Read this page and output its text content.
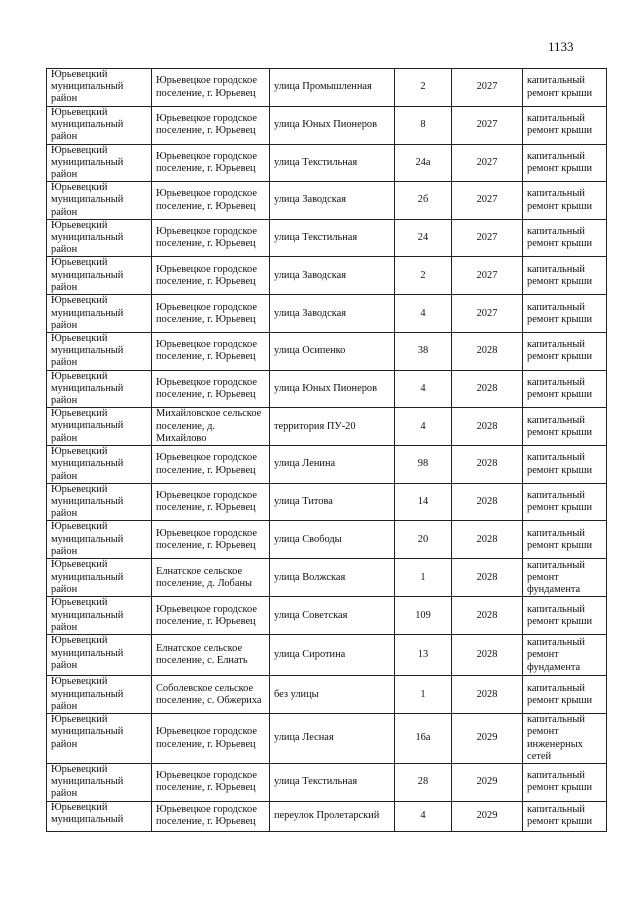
1133
Юрьевецкий муниципальный район	Юрьевецкое городское поселение, г. Юрьевец	улица Промышленная	2	2027	капитальный ремонт крыши
Юрьевецкий муниципальный район	Юрьевецкое городское поселение, г. Юрьевец	улица Юных Пионеров	8	2027	капитальный ремонт крыши
Юрьевецкий муниципальный район	Юрьевецкое городское поселение, г. Юрьевец	улица Текстильная	24а	2027	капитальный ремонт крыши
Юрьевецкий муниципальный район	Юрьевецкое городское поселение, г. Юрьевец	улица Заводская	2б	2027	капитальный ремонт крыши
Юрьевецкий муниципальный район	Юрьевецкое городское поселение, г. Юрьевец	улица Текстильная	24	2027	капитальный ремонт крыши
Юрьевецкий муниципальный район	Юрьевецкое городское поселение, г. Юрьевец	улица Заводская	2	2027	капитальный ремонт крыши
Юрьевецкий муниципальный район	Юрьевецкое городское поселение, г. Юрьевец	улица Заводская	4	2027	капитальный ремонт крыши
Юрьевецкий муниципальный район	Юрьевецкое городское поселение, г. Юрьевец	улица Осипенко	38	2028	капитальный ремонт крыши
Юрьевецкий муниципальный район	Юрьевецкое городское поселение, г. Юрьевец	улица Юных Пионеров	4	2028	капитальный ремонт крыши
Юрьевецкий муниципальный район	Михайловское сельское поселение, д. Михайлово	территория ПУ-20	4	2028	капитальный ремонт крыши
Юрьевецкий муниципальный район	Юрьевецкое городское поселение, г. Юрьевец	улица Ленина	98	2028	капитальный ремонт крыши
Юрьевецкий муниципальный район	Юрьевецкое городское поселение, г. Юрьевец	улица Титова	14	2028	капитальный ремонт крыши
Юрьевецкий муниципальный район	Юрьевецкое городское поселение, г. Юрьевец	улица Свободы	20	2028	капитальный ремонт крыши
Юрьевецкий муниципальный район	Елнатское сельское поселение, д. Лобаны	улица Волжская	1	2028	капитальный ремонт фундамента
Юрьевецкий муниципальный район	Юрьевецкое городское поселение, г. Юрьевец	улица Советская	109	2028	капитальный ремонт крыши
Юрьевецкий муниципальный район	Елнатское сельское поселение, с. Елнать	улица Сиротина	13	2028	капитальный ремонт фундамента
Юрьевецкий муниципальный район	Соболевское сельское поселение, с. Обжериха	без улицы	1	2028	капитальный ремонт крыши
Юрьевецкий муниципальный район	Юрьевецкое городское поселение, г. Юрьевец	улица Лесная	16а	2029	капитальный ремонт инженерных сетей
Юрьевецкий муниципальный район	Юрьевецкое городское поселение, г. Юрьевец	улица Текстильная	28	2029	капитальный ремонт крыши
Юрьевецкий муниципальный	Юрьевецкое городское поселение, г. Юрьевец	переулок Пролетарский	4	2029	капитальный ремонт крыши
